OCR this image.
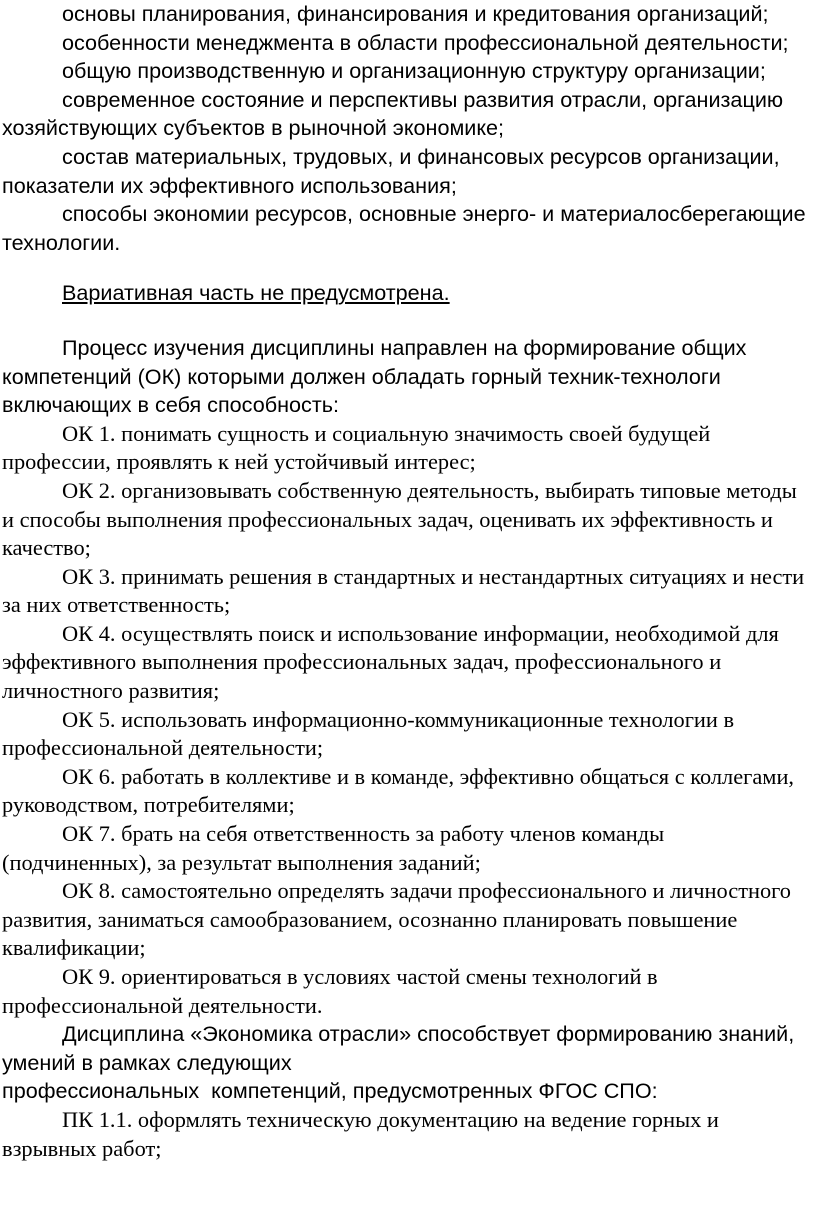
основы планирования, финансирования и кредитования организаций;

особенности менеджмента в области профессиональной деятельности;

общую производственную и организационную структуру организации;

современное состояние и перспективы развития отрасли, организацию хозяйствующих субъектов в рыночной экономике;

состав материальных, трудовых, и финансовых ресурсов организации, показатели их эффективного использования;

способы экономии ресурсов, основные энерго- и материалосберегающие технологии.

Вариативная часть не предусмотрена.

Процесс изучения дисциплины направлен на формирование общих компетенций (ОК) которыми должен обладать горный техник-технологи включающих в себя способность:

ОК 1. понимать сущность и социальную значимость своей будущей профессии, проявлять к ней устойчивый интерес;

ОК 2. организовывать собственную деятельность, выбирать типовые методы и способы выполнения профессиональных задач, оценивать их эффективность и качество;

ОК 3. принимать решения в стандартных и нестандартных ситуациях и нести за них ответственность;

ОК 4. осуществлять поиск и использование информации, необходимой для эффективного выполнения профессиональных задач, профессионального и личностного развития;

ОК 5. использовать информационно-коммуникационные технологии в профессиональной деятельности;

ОК 6. работать в коллективе и в команде, эффективно общаться с коллегами, руководством, потребителями;

ОК 7. брать на себя ответственность за работу членов команды (подчиненных), за результат выполнения заданий;

ОК 8. самостоятельно определять задачи профессионального и личностного развития, заниматься самообразованием, осознанно планировать повышение квалификации;

ОК 9. ориентироваться в условиях частой смены технологий в профессиональной деятельности.

Дисциплина «Экономика отрасли» способствует формированию знаний, умений в рамках следующих

профессиональных  компетенций, предусмотренных ФГОС СПО:

ПК 1.1. оформлять техническую документацию на ведение горных и взрывных работ;
